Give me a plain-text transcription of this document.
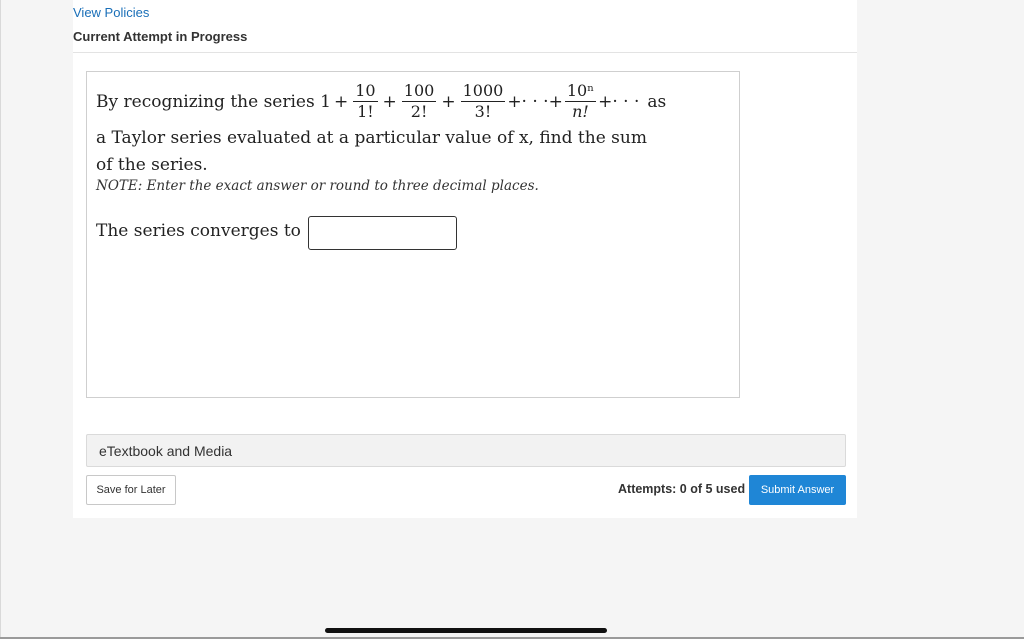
View Policies
Current Attempt in Progress
By recognizing the series $1 + \frac{10}{1!} + \frac{100}{2!} + \frac{1000}{3!}$ +· · ·+ $\frac{\text{10ⁿ}}{n!}$ +· · · as
a Taylor series evaluated at a particular value of x, find the sum
of the series.
NOTE: Enter the exact answer or round to three decimal places.
The series converges to
eTextbook and Media
Save for Later	Attempts: 0 of 5 used	Submit Answer
